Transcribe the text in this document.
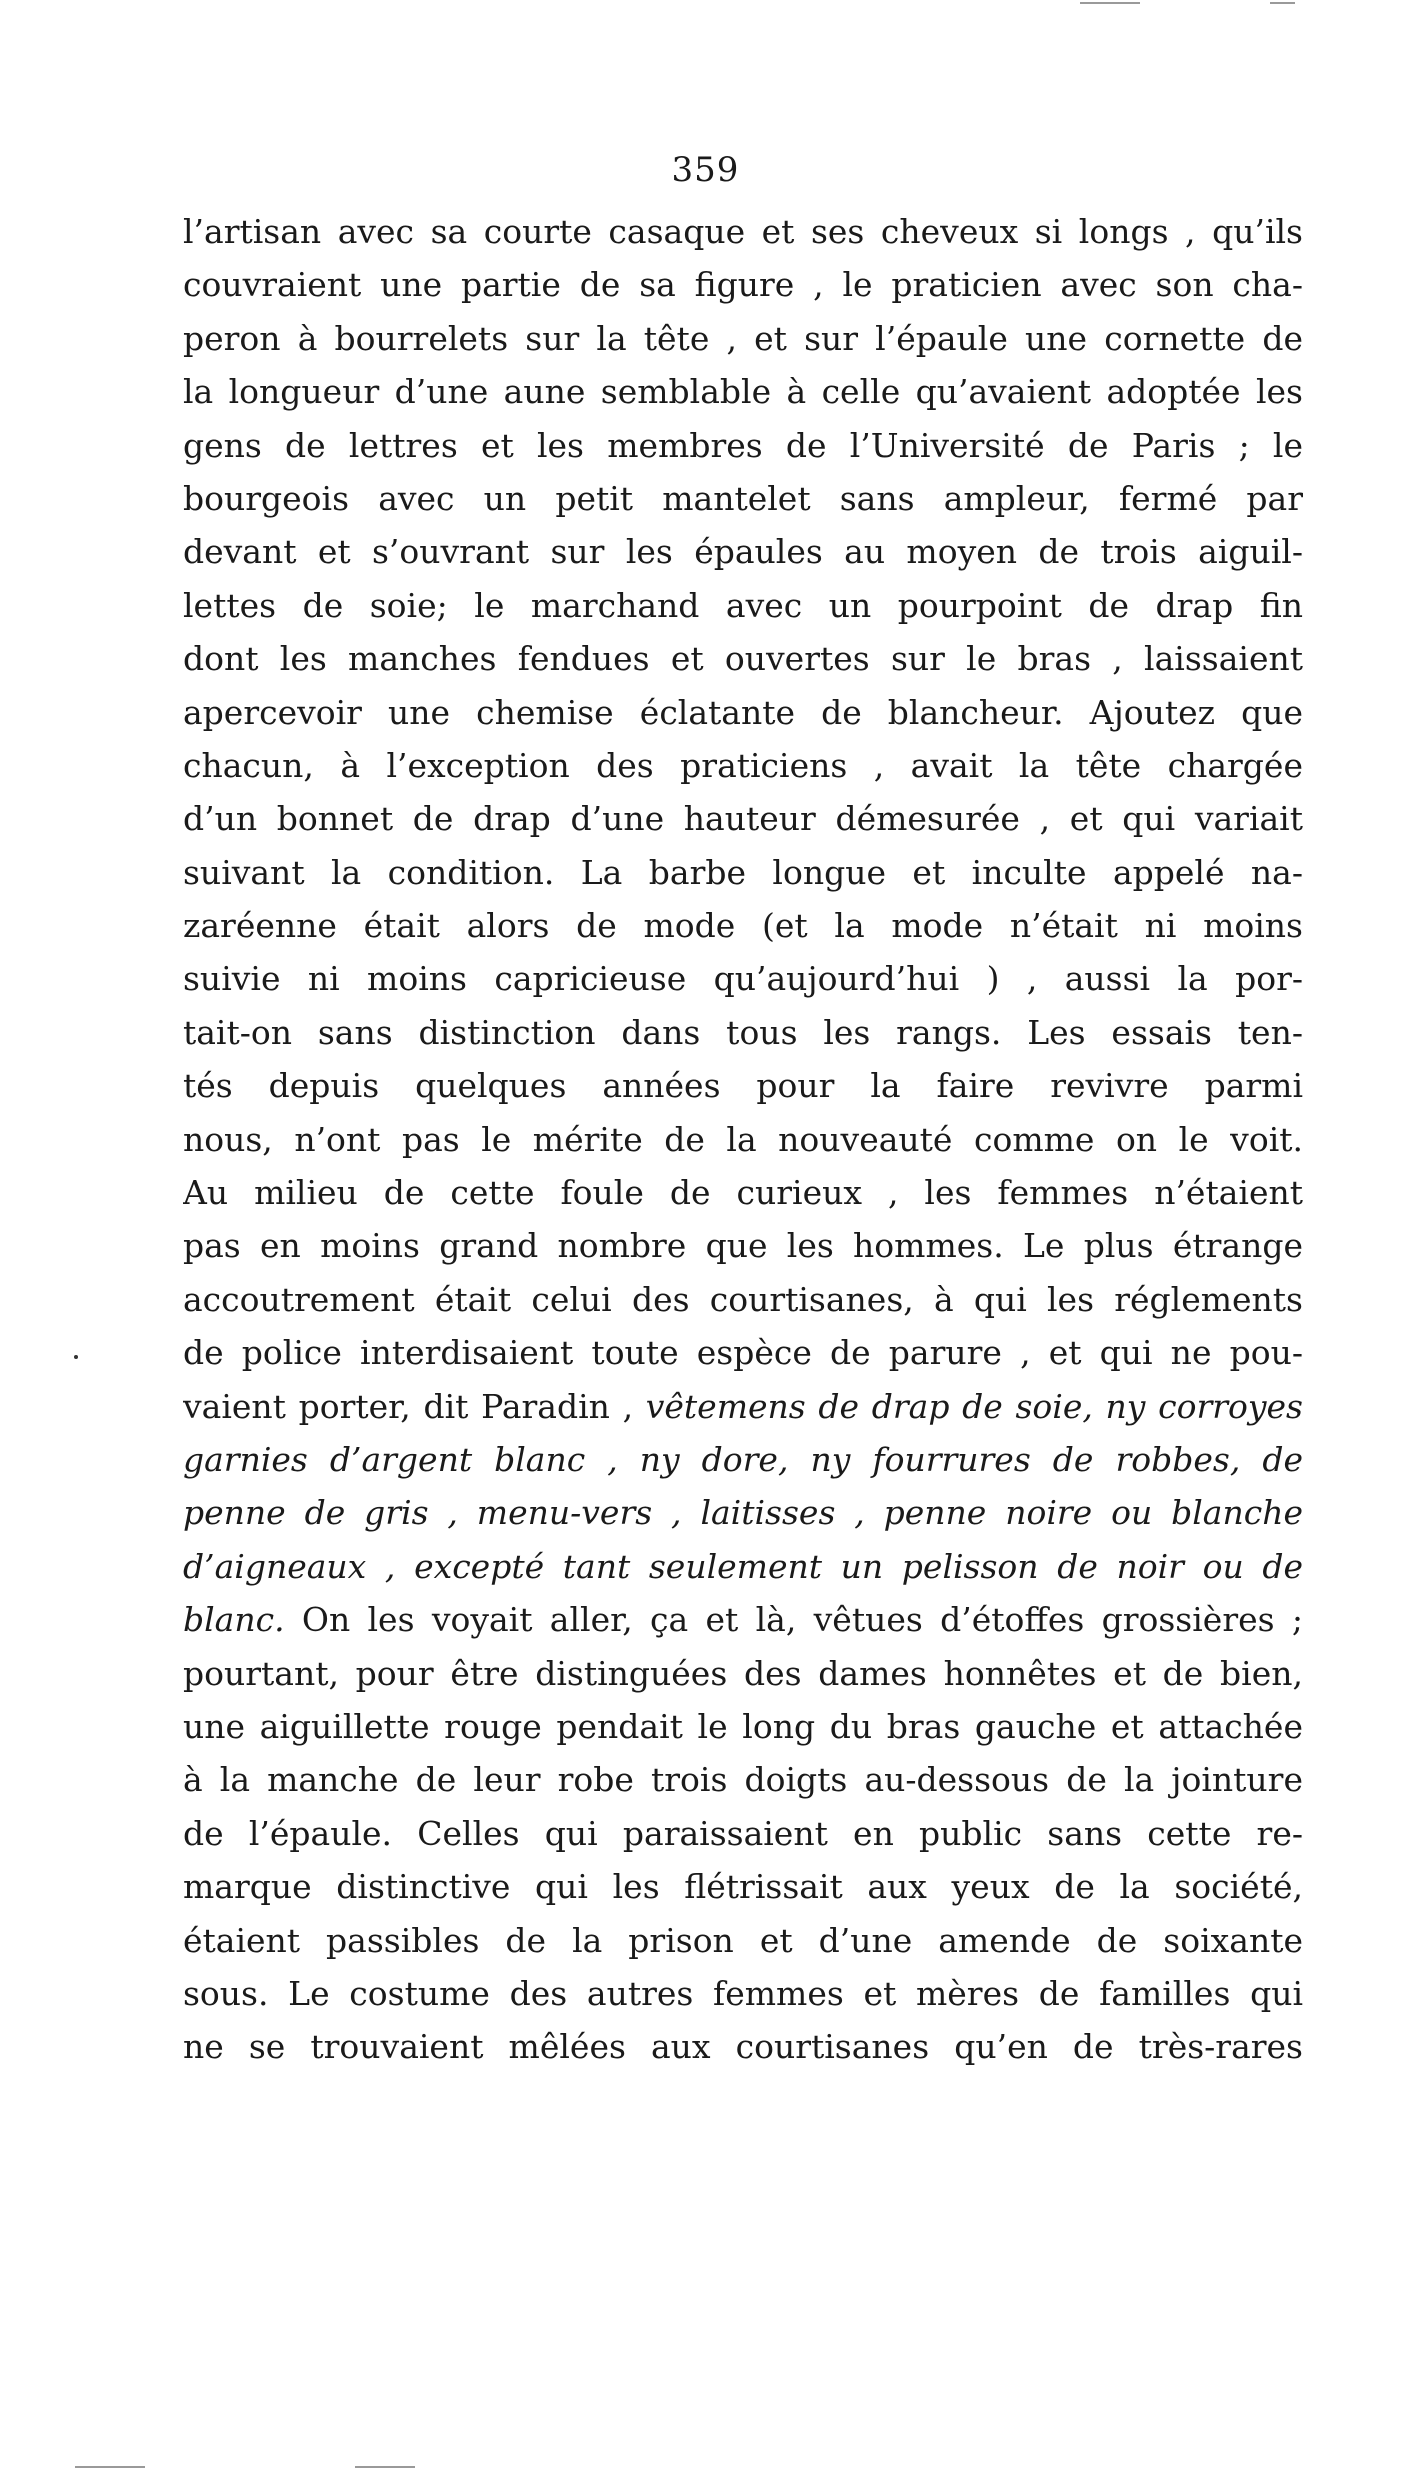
359
l’artisan avec sa courte casaque et ses cheveux si longs , qu’ils
couvraient une partie de sa figure , le praticien avec son cha-
peron à bourrelets sur la tête , et sur l’épaule une cornette de
la longueur d’une aune semblable à celle qu’avaient adoptée les
gens de lettres et les membres de l’Université de Paris ; le
bourgeois avec un petit mantelet sans ampleur, fermé par
devant et s’ouvrant sur les épaules au moyen de trois aiguil-
lettes de soie; le marchand avec un pourpoint de drap fin
dont les manches fendues et ouvertes sur le bras , laissaient
apercevoir une chemise éclatante de blancheur. Ajoutez que
chacun, à l’exception des praticiens , avait la tête chargée
d’un bonnet de drap d’une hauteur démesurée , et qui variait
suivant la condition. La barbe longue et inculte appelé na-
zaréenne était alors de mode (et la mode n’était ni moins
suivie ni moins capricieuse qu’aujourd’hui ) , aussi la por-
tait-on sans distinction dans tous les rangs. Les essais ten-
tés depuis quelques années pour la faire revivre parmi
nous, n’ont pas le mérite de la nouveauté comme on le voit.
Au milieu de cette foule de curieux , les femmes n’étaient
pas en moins grand nombre que les hommes. Le plus étrange
accoutrement était celui des courtisanes, à qui les réglements
de police interdisaient toute espèce de parure , et qui ne pou-
vaient porter, dit Paradin , vêtemens de drap de soie, ny corroyes
garnies d’argent blanc , ny dore, ny fourrures de robbes, de
penne de gris , menu-vers , laitisses , penne noire ou blanche
d’aigneaux , excepté tant seulement un pelisson de noir ou de
blanc. On les voyait aller, ça et là, vêtues d’étoffes grossières ;
pourtant, pour être distinguées des dames honnêtes et de bien,
une aiguillette rouge pendait le long du bras gauche et attachée
à la manche de leur robe trois doigts au-dessous de la jointure
de l’épaule. Celles qui paraissaient en public sans cette re-
marque distinctive qui les flétrissait aux yeux de la société,
étaient passibles de la prison et d’une amende de soixante
sous. Le costume des autres femmes et mères de familles qui
ne se trouvaient mêlées aux courtisanes qu’en de très-rares
